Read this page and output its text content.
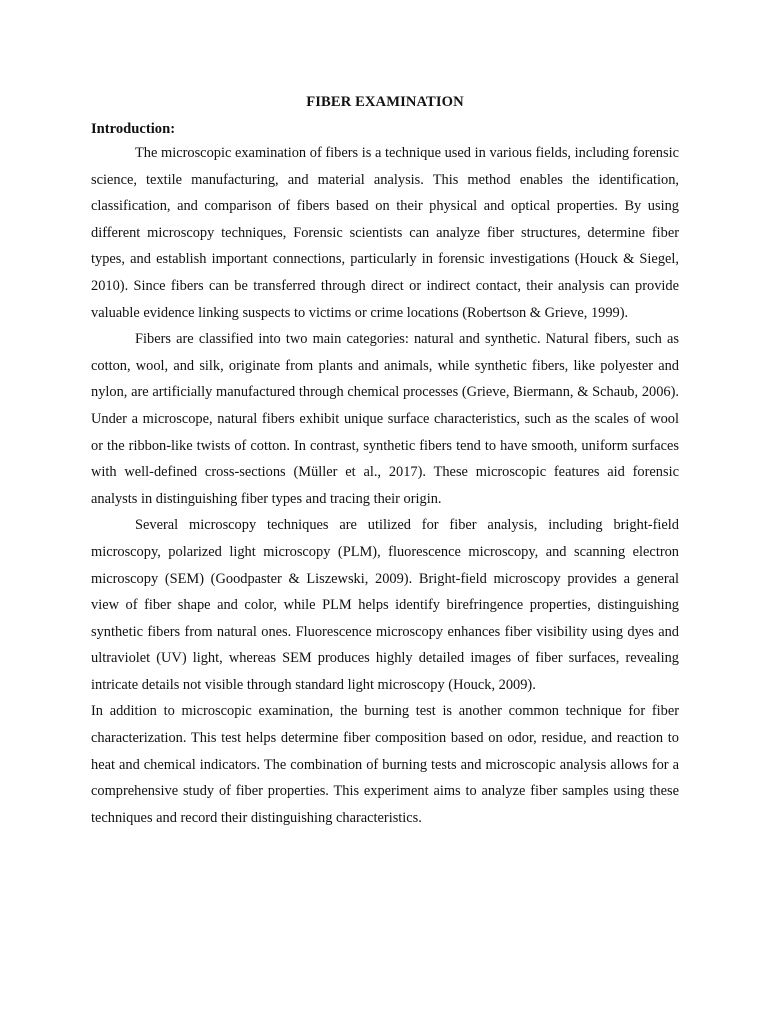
FIBER EXAMINATION
Introduction:

The microscopic examination of fibers is a technique used in various fields, including forensic science, textile manufacturing, and material analysis. This method enables the identification, classification, and comparison of fibers based on their physical and optical properties. By using different microscopy techniques, Forensic scientists can analyze fiber structures, determine fiber types, and establish important connections, particularly in forensic investigations (Houck & Siegel, 2010). Since fibers can be transferred through direct or indirect contact, their analysis can provide valuable evidence linking suspects to victims or crime locations (Robertson & Grieve, 1999).

Fibers are classified into two main categories: natural and synthetic. Natural fibers, such as cotton, wool, and silk, originate from plants and animals, while synthetic fibers, like polyester and nylon, are artificially manufactured through chemical processes (Grieve, Biermann, & Schaub, 2006). Under a microscope, natural fibers exhibit unique surface characteristics, such as the scales of wool or the ribbon-like twists of cotton. In contrast, synthetic fibers tend to have smooth, uniform surfaces with well-defined cross-sections (Müller et al., 2017). These microscopic features aid forensic analysts in distinguishing fiber types and tracing their origin.

Several microscopy techniques are utilized for fiber analysis, including bright-field microscopy, polarized light microscopy (PLM), fluorescence microscopy, and scanning electron microscopy (SEM) (Goodpaster & Liszewski, 2009). Bright-field microscopy provides a general view of fiber shape and color, while PLM helps identify birefringence properties, distinguishing synthetic fibers from natural ones. Fluorescence microscopy enhances fiber visibility using dyes and ultraviolet (UV) light, whereas SEM produces highly detailed images of fiber surfaces, revealing intricate details not visible through standard light microscopy (Houck, 2009).

In addition to microscopic examination, the burning test is another common technique for fiber characterization. This test helps determine fiber composition based on odor, residue, and reaction to heat and chemical indicators. The combination of burning tests and microscopic analysis allows for a comprehensive study of fiber properties. This experiment aims to analyze fiber samples using these techniques and record their distinguishing characteristics.
